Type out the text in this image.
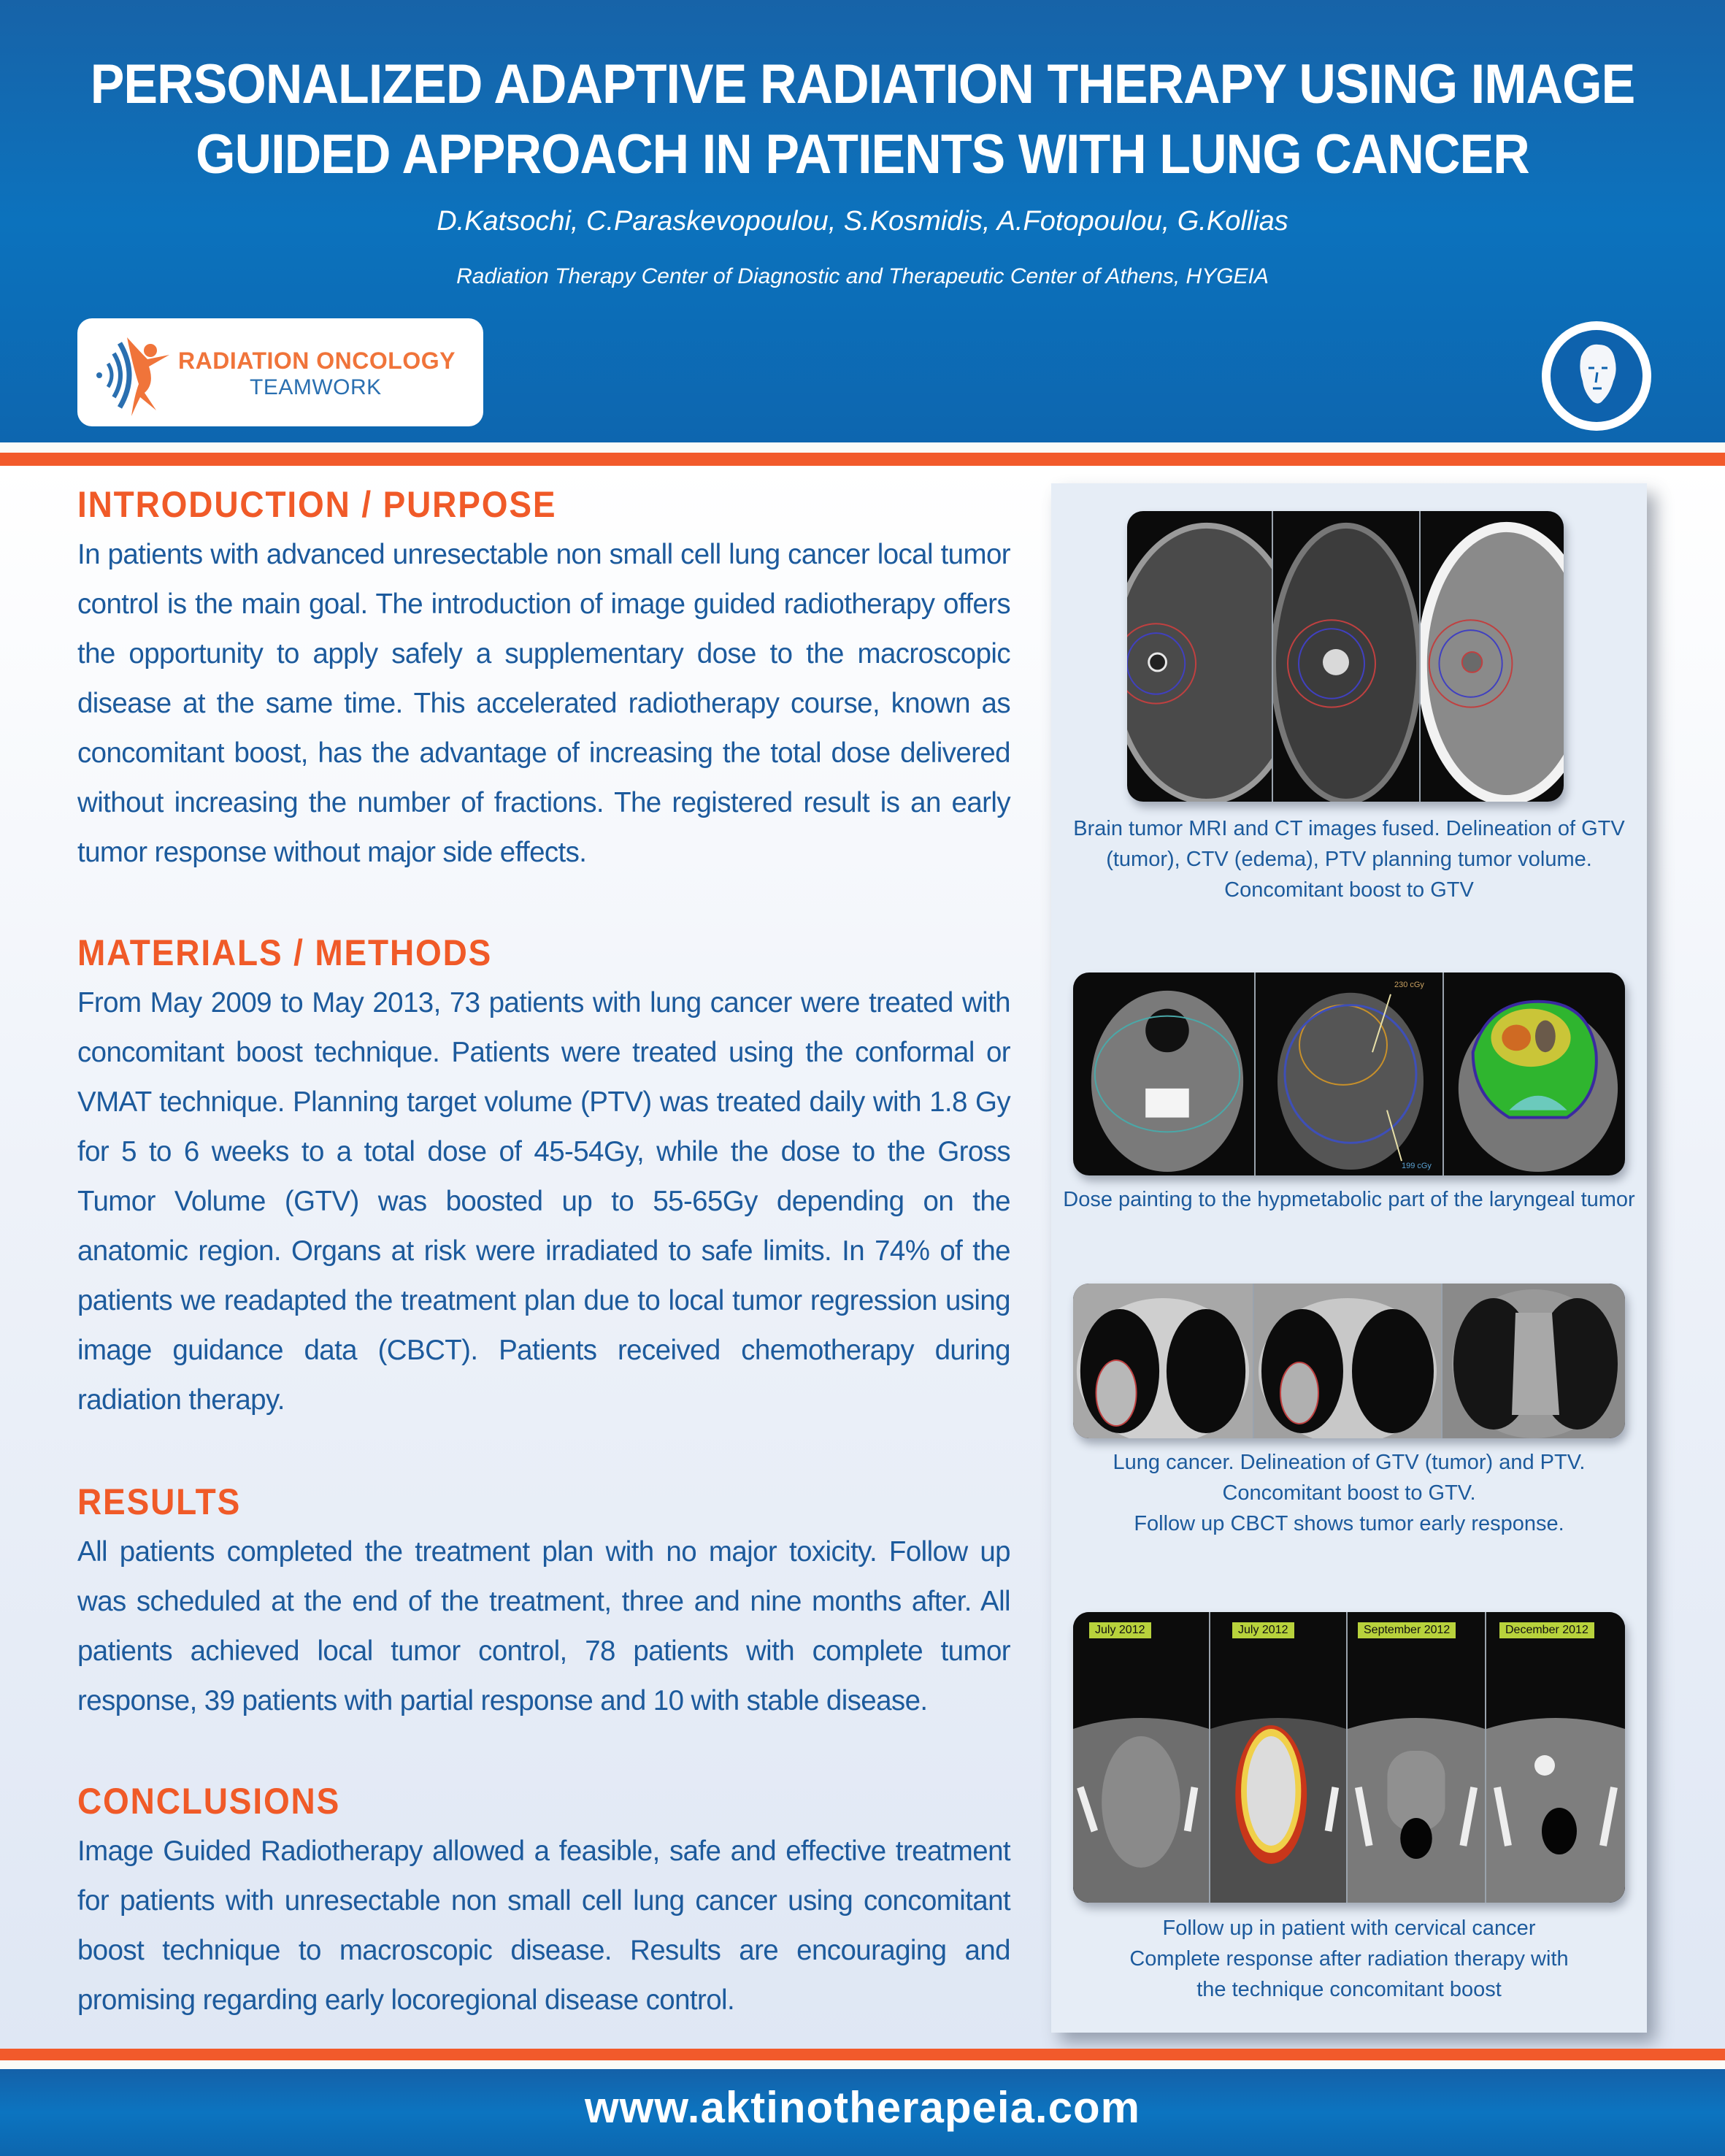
PERSONALIZED ADAPTIVE RADIATION THERAPY USING IMAGE
GUIDED APPROACH IN PATIENTS WITH LUNG CANCER
D.Katsochi, C.Paraskevopoulou, S.Kosmidis, A.Fotopoulou, G.Kollias
Radiation Therapy Center of Diagnostic and Therapeutic Center of Athens, HYGEIA
RADIATION ONCOLOGY
TEAMWORK
INTRODUCTION / PURPOSE

In patients with advanced unresectable non small cell lung cancer local tumor control is the main goal. The introduction of image guided radiotherapy offers the opportunity to apply safely a supplementary dose to the macroscopic disease at the same time. This accelerated radiotherapy course, known as concomitant boost, has the advantage of increasing the total dose delivered without increasing the number of fractions. The registered result is an early tumor response without major side effects.

MATERIALS / METHODS

From May 2009 to May 2013, 73 patients with lung cancer were treated with concomitant boost technique. Patients were treated using the conformal or VMAT technique. Planning target volume (PTV) was treated daily with 1.8 Gy for 5 to 6 weeks to a total dose of 45-54Gy, while the dose to the Gross Tumor Volume (GTV) was boosted up to 55-65Gy depending on the anatomic region. Organs at risk were irradiated to safe limits. In 74% of the patients we readapted the treatment plan due to local tumor regression using image guidance data (CBCT). Patients received chemotherapy during radiation therapy.

RESULTS

All patients completed the treatment plan with no major toxicity. Follow up was scheduled at the end of the treatment, three and nine months after. All patients achieved local tumor control, 78 patients with complete tumor response, 39 patients with partial response and 10 with stable disease.

CONCLUSIONS

Image Guided Radiotherapy allowed a feasible, safe and effective treatment for patients with unresectable non small cell lung cancer using concomitant boost technique to macroscopic disease. Results are encouraging and promising regarding early locoregional disease control.

Brain tumor MRI and CT images fused. Delineation of GTV
(tumor), CTV (edema), PTV planning tumor volume.
Concomitant boost to GTV
230 cGy
199 cGy
Dose painting to the hypmetabolic part of the laryngeal tumor
Lung cancer. Delineation of GTV (tumor) and PTV.
Concomitant boost to GTV.
Follow up CBCT shows tumor early response.
July 2012	July 2012	September 2012	December 2012
Follow up in patient with cervical cancer
Complete response after radiation therapy with
the technique concomitant boost
www.aktinotherapeia.com
